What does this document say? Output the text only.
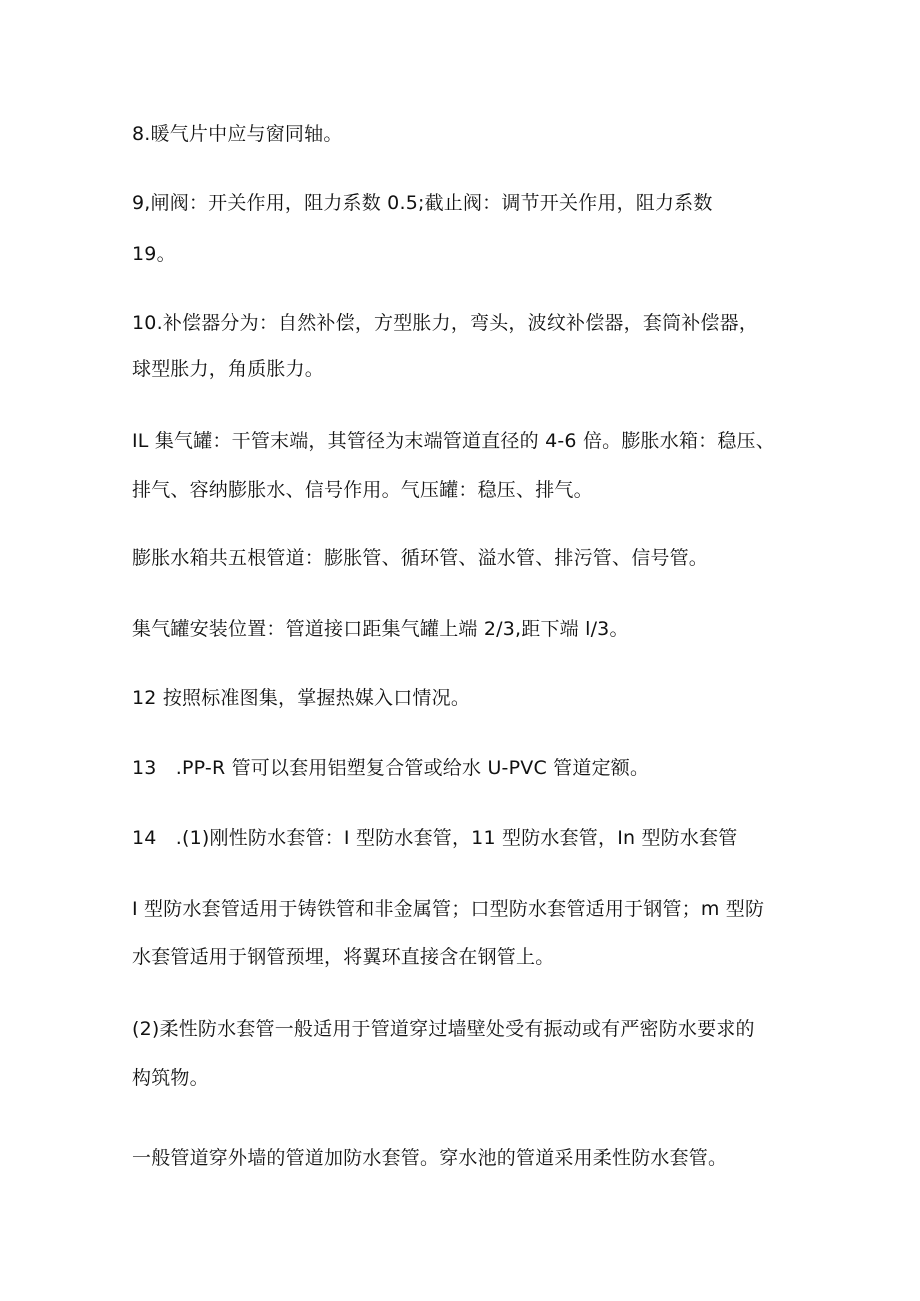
8.暖气片中应与窗同轴。

9,闸阀：开关作用，阻力系数 0.5;截止阀：调节开关作用，阻力系数

19。

10.补偿器分为：自然补偿，方型胀力，弯头，波纹补偿器，套筒补偿器，

球型胀力，角质胀力。

IL 集气罐：干管末端，其管径为末端管道直径的 4-6 倍。膨胀水箱：稳压、

排气、容纳膨胀水、信号作用。气压罐：稳压、排气。

膨胀水箱共五根管道：膨胀管、循环管、溢水管、排污管、信号管。

集气罐安装位置：管道接口距集气罐上端 2/3,距下端 l/3。

12 按照标准图集，掌握热媒入口情况。

13　.PP-R 管可以套用铝塑复合管或给水 U-PVC 管道定额。

14　.(1)刚性防水套管：I 型防水套管，11 型防水套管，In 型防水套管

I 型防水套管适用于铸铁管和非金属管；口型防水套管适用于钢管；m 型防

水套管适用于钢管预埋，将翼环直接含在钢管上。

(2)柔性防水套管一般适用于管道穿过墙壁处受有振动或有严密防水要求的

构筑物。

一般管道穿外墙的管道加防水套管。穿水池的管道采用柔性防水套管。
